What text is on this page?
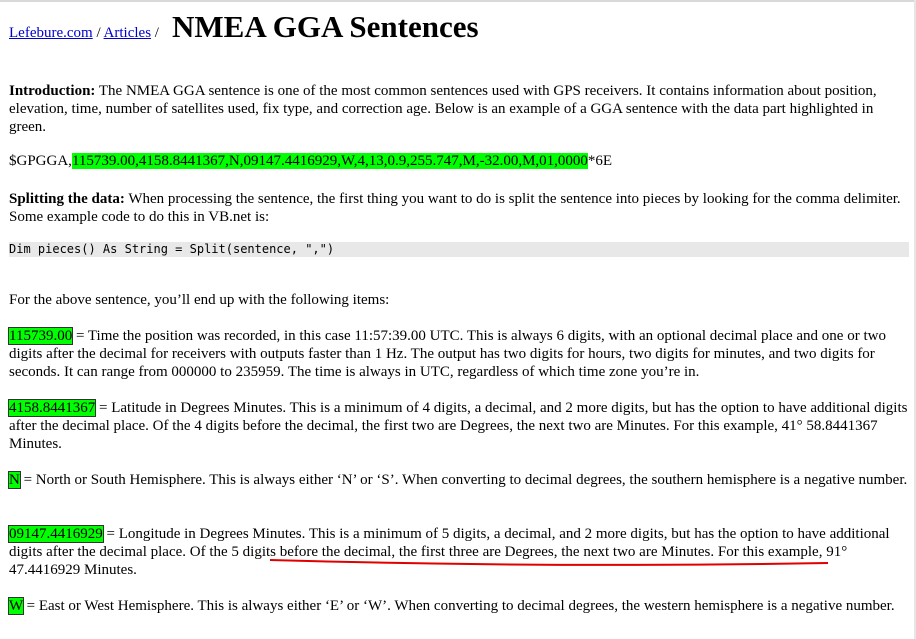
Lefebure.com / Articles / NMEA GGA Sentences

Introduction: The NMEA GGA sentence is one of the most common sentences used with GPS receivers. It contains information about position, elevation, time, number of satellites used, fix type, and correction age. Below is an example of a GGA sentence with the data part highlighted in green.

$GPGGA,115739.00,4158.8441367,N,09147.4416929,W,4,13,0.9,255.747,M,-32.00,M,01,0000*6E

Splitting the data: When processing the sentence, the first thing you want to do is split the sentence into pieces by looking for the comma delimiter. Some example code to do this in VB.net is:

Dim pieces() As String = Split(sentence, ",")

For the above sentence, you’ll end up with the following items:

115739.00 = Time the position was recorded, in this case 11:57:39.00 UTC. This is always 6 digits, with an optional decimal place and one or two digits after the decimal for receivers with outputs faster than 1 Hz. The output has two digits for hours, two digits for minutes, and two digits for seconds. It can range from 000000 to 235959. The time is always in UTC, regardless of which time zone you’re in.

4158.8441367 = Latitude in Degrees Minutes. This is a minimum of 4 digits, a decimal, and 2 more digits, but has the option to have additional digits after the decimal place. Of the 4 digits before the decimal, the first two are Degrees, the next two are Minutes. For this example, 41° 58.8441367 Minutes.

N = North or South Hemisphere. This is always either ‘N’ or ‘S’. When converting to decimal degrees, the southern hemisphere is a negative number.

09147.4416929 = Longitude in Degrees Minutes. This is a minimum of 5 digits, a decimal, and 2 more digits, but has the option to have additional digits after the decimal place. Of the 5 digits before the decimal, the first three are Degrees, the next two are Minutes. For this example, 91° 47.4416929 Minutes.

W = East or West Hemisphere. This is always either ‘E’ or ‘W’. When converting to decimal degrees, the western hemisphere is a negative number.
